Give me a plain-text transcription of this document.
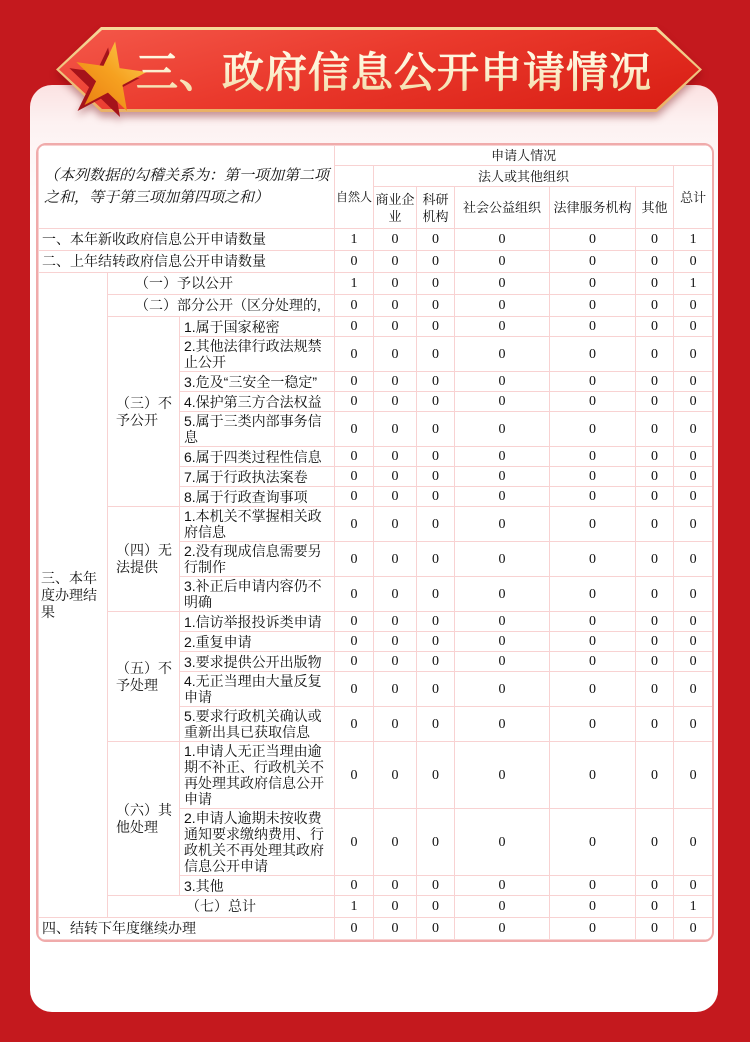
三、政府信息公开申请情况
（本列数据的勾稽关系为：第一项加第二项之和，等于第三项加第四项之和）			申请人情况						
			自然人	法人或其他组织					总计
				商业企业	科研机构	社会公益组织	法律服务机构	其他	
一、本年新收政府信息公开申请数量			1	0	0	0	0	0	1
二、上年结转政府信息公开申请数量			0	0	0	0	0	0	0
三、本年度办理结果	（一）予以公开		1	0	0	0	0	0	1
	（二）部分公开（区分处理的,		0	0	0	0	0	0	0
	（三）不予公开	1.属于国家秘密	0	0	0	0	0	0	0
		2.其他法律行政法规禁止公开	0	0	0	0	0	0	0
		3.危及“三安全一稳定”	0	0	0	0	0	0	0
		4.保护第三方合法权益	0	0	0	0	0	0	0
		5.属于三类内部事务信息	0	0	0	0	0	0	0
		6.属于四类过程性信息	0	0	0	0	0	0	0
		7.属于行政执法案卷	0	0	0	0	0	0	0
		8.属于行政查询事项	0	0	0	0	0	0	0
	（四）无法提供	1.本机关不掌握相关政府信息	0	0	0	0	0	0	0
		2.没有现成信息需要另行制作	0	0	0	0	0	0	0
		3.补正后申请内容仍不明确	0	0	0	0	0	0	0
	（五）不予处理	1.信访举报投诉类申请	0	0	0	0	0	0	0
		2.重复申请	0	0	0	0	0	0	0
		3.要求提供公开出版物	0	0	0	0	0	0	0
		4.无正当理由大量反复申请	0	0	0	0	0	0	0
		5.要求行政机关确认或重新出具已获取信息	0	0	0	0	0	0	0
	（六）其他处理	1.申请人无正当理由逾期不补正、行政机关不再处理其政府信息公开申请	0	0	0	0	0	0	0
		2.申请人逾期未按收费通知要求缴纳费用、行政机关不再处理其政府信息公开申请	0	0	0	0	0	0	0
		3.其他	0	0	0	0	0	0	0
	（七）总计		1	0	0	0	0	0	1
四、结转下年度继续办理			0	0	0	0	0	0	0
